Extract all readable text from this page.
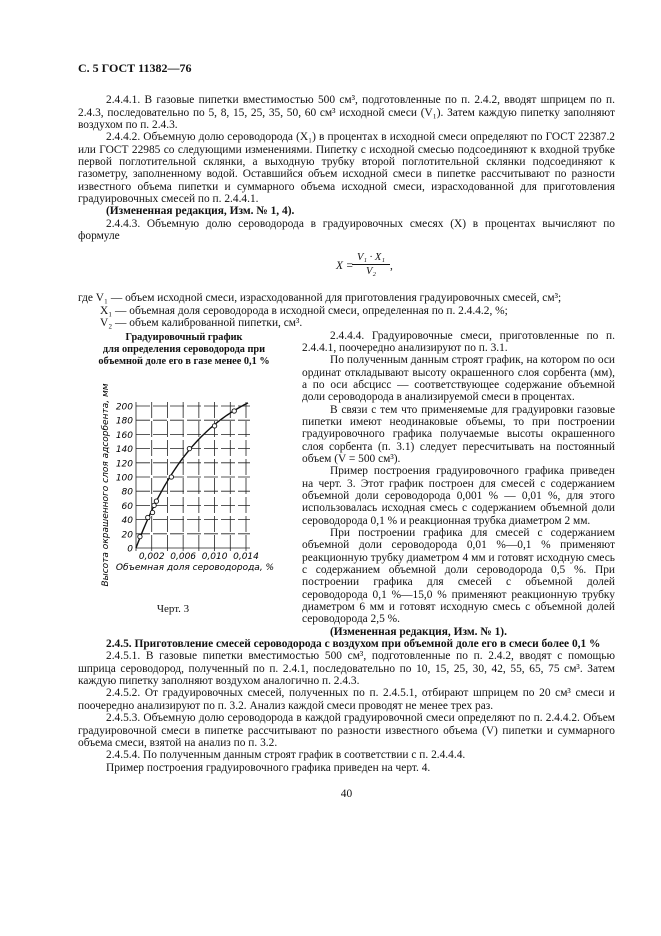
С. 5 ГОСТ 11382—76

2.4.4.1. В газовые пипетки вместимостью 500 см³, подготовленные по п. 2.4.2, вводят шприцем по п. 2.4.3, последовательно по 5, 8, 15, 25, 35, 50, 60 см³ исходной смеси (V₁). Затем каждую пипетку заполняют воздухом по п. 2.4.3.

2.4.4.2. Объемную долю сероводорода (X₁) в процентах в исходной смеси определяют по ГОСТ 22387.2 или ГОСТ 22985 со следующими изменениями. Пипетку с исходной смесью подсоединяют к входной трубке первой поглотительной склянки, а выходную трубку второй поглотительной склянки подсоединяют к газометру, заполненному водой. Оставшийся объем исходной смеси в пипетке рассчитывают по разности известного объема пипетки и суммарного объема исходной смеси, израсходованной для приготовления градуировочных смесей по п. 2.4.4.1.

(Измененная редакция, Изм. № 1, 4).

2.4.4.3. Объемную долю сероводорода в градуировочных смесях (X) в процентах вычисляют по формуле

X =
$\frac{\text{V₁ · X₁}}{\text{V₂}}$ ,
где V₁ — объем исходной смеси, израсходованной для приготовления градуировочных смесей, см³;
X₁ — объемная доля сероводорода в исходной смеси, определенная по п. 2.4.4.2, %;
V₂ — объем калиброванной пипетки, см³.
Градуировочный график
для определения сероводорода при
объемной доле его в газе менее 0,1 %
0
20
40
60
80
100
120
140
160
180
200
0,002 0,006 0,010 0,014
Объемная доля сероводорода, %
Высота окрашенного слоя адсорбента, мм
Черт. 3

2.4.4.4. Градуировочные смеси, приготовленные по п. 2.4.4.1, поочередно анализируют по п. 3.1.

По полученным данным строят график, на котором по оси ординат откладывают высоту окрашенного слоя сорбента (мм), а по оси абсцисс — соответствующее содержание объемной доли сероводорода в анализируемой смеси в процентах.

В связи с тем что применяемые для градуировки газовые пипетки имеют неодинаковые объемы, то при построении градуировочного графика получаемые высоты окрашенного слоя сорбента (п. 3.1) следует пересчитывать на постоянный объем (V = 500 см³).

Пример построения градуировочного графика приведен на черт. 3. Этот график построен для смесей с содержанием объемной доли сероводорода 0,001 % — 0,01 %, для этого использовалась исходная смесь с содержанием объемной доли сероводорода 0,1 % и реакционная трубка диаметром 2 мм.

При построении графика для смесей с содержанием объемной доли сероводорода 0,01 %—0,1 % применяют реакционную трубку диаметром 4 мм и готовят исходную смесь с содержанием объемной доли сероводорода 0,5 %. При построении графика для смесей с объемной долей сероводорода 0,1 %—15,0 % применяют реакционную трубку диаметром 6 мм и готовят исходную смесь с объемной долей сероводорода 2,5 %.

(Измененная редакция, Изм. № 1).

2.4.5. Приготовление смесей сероводорода с воздухом при объемной доле его в смеси более 0,1 %

2.4.5.1. В газовые пипетки вместимостью 500 см³, подготовленные по п. 2.4.2, вводят с помощью шприца сероводород, полученный по п. 2.4.1, последовательно по 10, 15, 25, 30, 42, 55, 65, 75 см³. Затем каждую пипетку заполняют воздухом аналогично п. 2.4.3.

2.4.5.2. От градуировочных смесей, полученных по п. 2.4.5.1, отбирают шприцем по 20 см³ смеси и поочередно анализируют по п. 3.2. Анализ каждой смеси проводят не менее трех раз.

2.4.5.3. Объемную долю сероводорода в каждой градуировочной смеси определяют по п. 2.4.4.2. Объем градуировочной смеси в пипетке рассчитывают по разности известного объема (V) пипетки и суммарного объема смеси, взятой на анализ по п. 3.2.

2.4.5.4. По полученным данным строят график в соответствии с п. 2.4.4.4.

Пример построения градуировочного графика приведен на черт. 4.

40
